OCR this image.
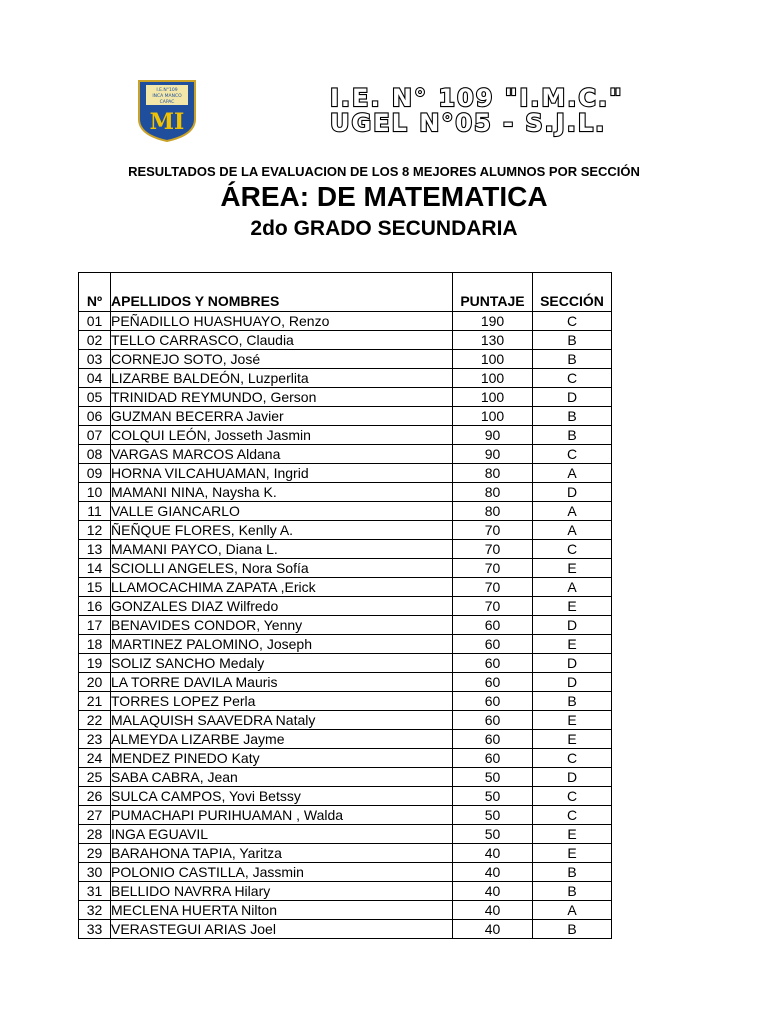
I.E.N°109
INCA MANCO
CAPAC
MI
I.E. N° 109 "I.M.C."
UGEL N°05 - S.J.L.
RESULTADOS DE LA EVALUACION DE LOS 8 MEJORES ALUMNOS POR SECCIÓN
ÁREA: DE MATEMATICA
2do GRADO SECUNDARIA
Nº	APELLIDOS Y NOMBRES	PUNTAJE	SECCIÓN
01	PEÑADILLO HUASHUAYO, Renzo	190	C
02	TELLO CARRASCO, Claudia	130	B
03	CORNEJO SOTO, José	100	B
04	LIZARBE BALDEÓN, Luzperlita	100	C
05	TRINIDAD REYMUNDO, Gerson	100	D
06	GUZMAN BECERRA Javier	100	B
07	COLQUI LEÓN, Josseth Jasmin	90	B
08	VARGAS MARCOS Aldana	90	C
09	HORNA VILCAHUAMAN, Ingrid	80	A
10	MAMANI NINA, Naysha K.	80	D
11	VALLE GIANCARLO	80	A
12	ÑEÑQUE FLORES, Kenlly A.	70	A
13	MAMANI PAYCO, Diana L.	70	C
14	SCIOLLI ANGELES, Nora Sofía	70	E
15	LLAMOCACHIMA ZAPATA ,Erick	70	A
16	GONZALES DIAZ Wilfredo	70	E
17	BENAVIDES CONDOR, Yenny	60	D
18	MARTINEZ PALOMINO, Joseph	60	E
19	SOLIZ SANCHO Medaly	60	D
20	LA TORRE DAVILA Mauris	60	D
21	TORRES LOPEZ Perla	60	B
22	MALAQUISH SAAVEDRA Nataly	60	E
23	ALMEYDA LIZARBE Jayme	60	E
24	MENDEZ PINEDO Katy	60	C
25	SABA CABRA, Jean	50	D
26	SULCA CAMPOS, Yovi Betssy	50	C
27	PUMACHAPI PURIHUAMAN , Walda	50	C
28	INGA EGUAVIL	50	E
29	BARAHONA TAPIA, Yaritza	40	E
30	POLONIO CASTILLA, Jassmin	40	B
31	BELLIDO NAVRRA Hilary	40	B
32	MECLENA HUERTA Nilton	40	A
33	VERASTEGUI ARIAS Joel	40	B
